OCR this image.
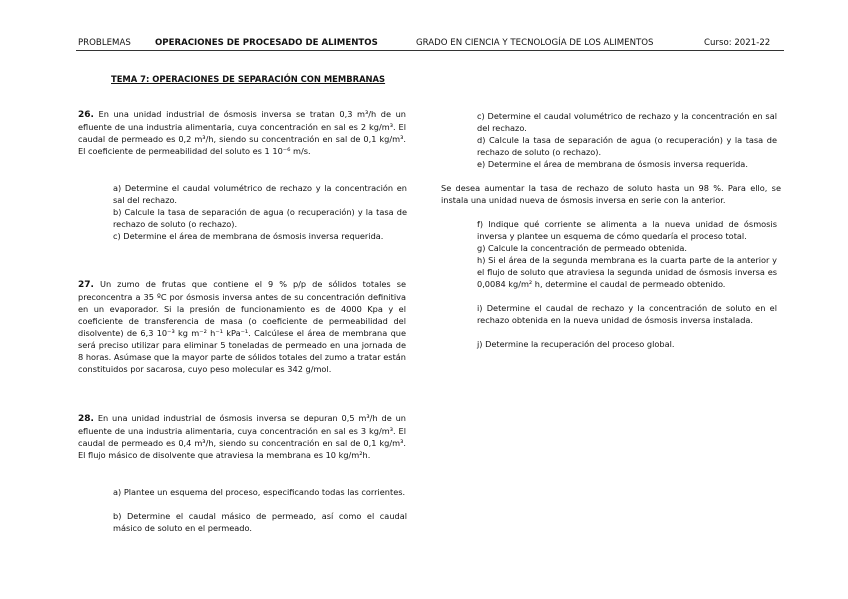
PROBLEMAS	OPERACIONES DE PROCESADO DE ALIMENTOS	GRADO EN CIENCIA Y TECNOLOGÍA DE LOS ALIMENTOS	Curso: 2021-22
TEMA 7: OPERACIONES DE SEPARACIÓN CON MEMBRANAS
26. En una unidad industrial de ósmosis inversa se tratan 0,3 m³/h de un efluente de una industria alimentaria, cuya concentración en sal es 2 kg/m³. El caudal de permeado es 0,2 m³/h, siendo su concentración en sal de 0,1 kg/m³. El coeficiente de permeabilidad del soluto es 1 10⁻⁶ m/s.
a) Determine el caudal volumétrico de rechazo y la concentración en sal del rechazo.
b) Calcule la tasa de separación de agua (o recuperación) y la tasa de rechazo de soluto (o rechazo).
c) Determine el área de membrana de ósmosis inversa requerida.
27. Un zumo de frutas que contiene el 9 % p/p de sólidos totales se preconcentra a 35 ºC por ósmosis inversa antes de su concentración definitiva en un evaporador. Si la presión de funcionamiento es de 4000 Kpa y el coeficiente de transferencia de masa (o coeficiente de permeabilidad del disolvente) de 6,3 10⁻³ kg m⁻² h⁻¹ kPa⁻¹. Calcúlese el área de membrana que será preciso utilizar para eliminar 5 toneladas de permeado en una jornada de 8 horas. Asúmase que la mayor parte de sólidos totales del zumo a tratar están constituidos por sacarosa, cuyo peso molecular es 342 g/mol.
28. En una unidad industrial de ósmosis inversa se depuran 0,5 m³/h de un efluente de una industria alimentaria, cuya concentración en sal es 3 kg/m³. El caudal de permeado es 0,4 m³/h, siendo su concentración en sal de 0,1 kg/m³. El flujo másico de disolvente que atraviesa la membrana es 10 kg/m²h.
a) Plantee un esquema del proceso, especificando todas las corrientes.
b) Determine el caudal másico de permeado, así como el caudal másico de soluto en el permeado.
c) Determine el caudal volumétrico de rechazo y la concentración en sal del rechazo.
d) Calcule la tasa de separación de agua (o recuperación) y la tasa de rechazo de soluto (o rechazo).
e) Determine el área de membrana de ósmosis inversa requerida.
Se desea aumentar la tasa de rechazo de soluto hasta un 98 %. Para ello, se instala una unidad nueva de ósmosis inversa en serie con la anterior.
f) Indique qué corriente se alimenta a la nueva unidad de ósmosis inversa y plantee un esquema de cómo quedaría el proceso total.
g) Calcule la concentración de permeado obtenida.
h) Si el área de la segunda membrana es la cuarta parte de la anterior y el flujo de soluto que atraviesa la segunda unidad de ósmosis inversa es 0,0084 kg/m² h, determine el caudal de permeado obtenido.
i) Determine el caudal de rechazo y la concentración de soluto en el rechazo obtenida en la nueva unidad de ósmosis inversa instalada.
j) Determine la recuperación del proceso global.
